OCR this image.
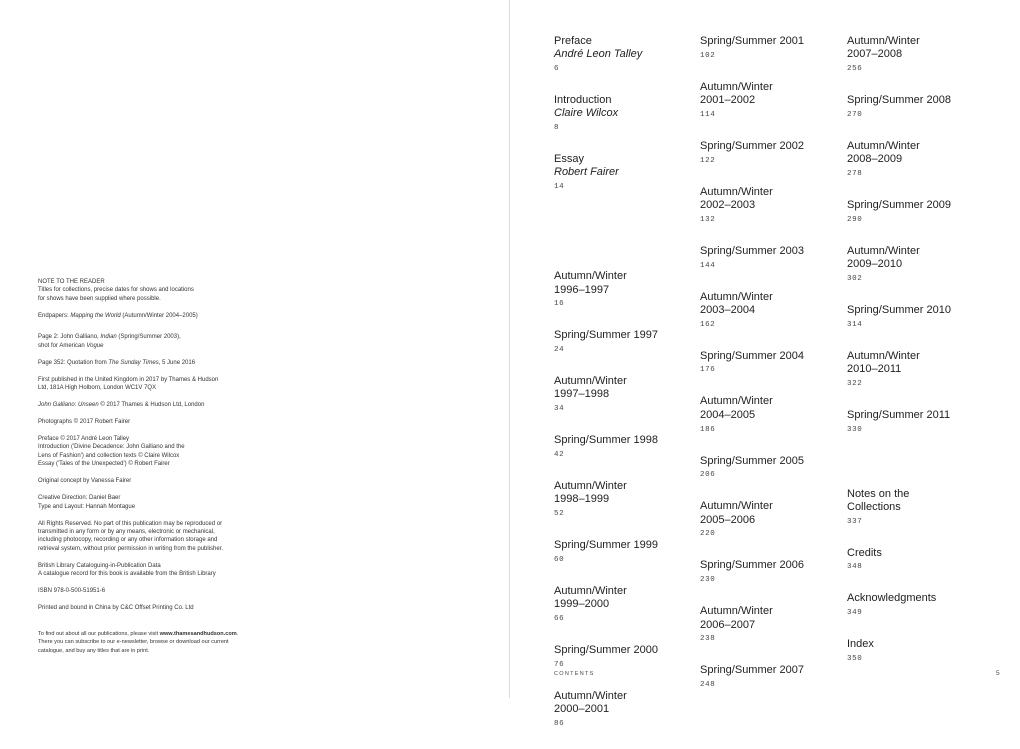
NOTE TO THE READER
Titles for collections, precise dates for shows and locations
for shows have been supplied where possible.
Endpapers: Mapping the World (Autumn/Winter 2004–2005)
Page 2: John Galliano, Indian (Spring/Summer 2003),
shot for American Vogue
Page 352: Quotation from The Sunday Times, 5 June 2016
First published in the United Kingdom in 2017 by Thames & Hudson
Ltd, 181A High Holborn, London WC1V 7QX
John Galliano: Unseen © 2017 Thames & Hudson Ltd, London
Photographs © 2017 Robert Fairer
Preface © 2017 André Leon Talley
Introduction ('Divine Decadence: John Galliano and the
Lens of Fashion') and collection texts © Claire Wilcox
Essay ('Tales of the Unexpected') © Robert Fairer
Original concept by Vanessa Fairer
Creative Direction: Daniel Baer
Type and Layout: Hannah Montague
All Rights Reserved. No part of this publication may be reproduced or
transmitted in any form or by any means, electronic or mechanical,
including photocopy, recording or any other information storage and
retrieval system, without prior permission in writing from the publisher.
British Library Cataloguing-in-Publication Data
A catalogue record for this book is available from the British Library
ISBN 978-0-500-51951-6
Printed and bound in China by C&C Offset Printing Co. Ltd
To find out about all our publications, please visit www.thamesandhudson.com.
There you can subscribe to our e-newsletter, browse or download our current
catalogue, and buy any titles that are in print.
Preface
André Leon Talley
6
Introduction
Claire Wilcox
8
Essay
Robert Fairer
14
Autumn/Winter
1996–1997
16
Spring/Summer 1997
24
Autumn/Winter
1997–1998
34
Spring/Summer 1998
42
Autumn/Winter
1998–1999
52
Spring/Summer 1999
60
Autumn/Winter
1999–2000
66
Spring/Summer 2000
76
Autumn/Winter
2000–2001
86
Spring/Summer 2001
102
Autumn/Winter
2001–2002
114
Spring/Summer 2002
122
Autumn/Winter
2002–2003
132
Spring/Summer 2003
144
Autumn/Winter
2003–2004
162
Spring/Summer 2004
176
Autumn/Winter
2004–2005
186
Spring/Summer 2005
206
Autumn/Winter
2005–2006
220
Spring/Summer 2006
230
Autumn/Winter
2006–2007
238
Spring/Summer 2007
248
Autumn/Winter
2007–2008
256
Spring/Summer 2008
270
Autumn/Winter
2008–2009
278
Spring/Summer 2009
290
Autumn/Winter
2009–2010
302
Spring/Summer 2010
314
Autumn/Winter
2010–2011
322
Spring/Summer 2011
330
Notes on the
Collections
337
Credits
348
Acknowledgments
349
Index
350
CONTENTS	5
